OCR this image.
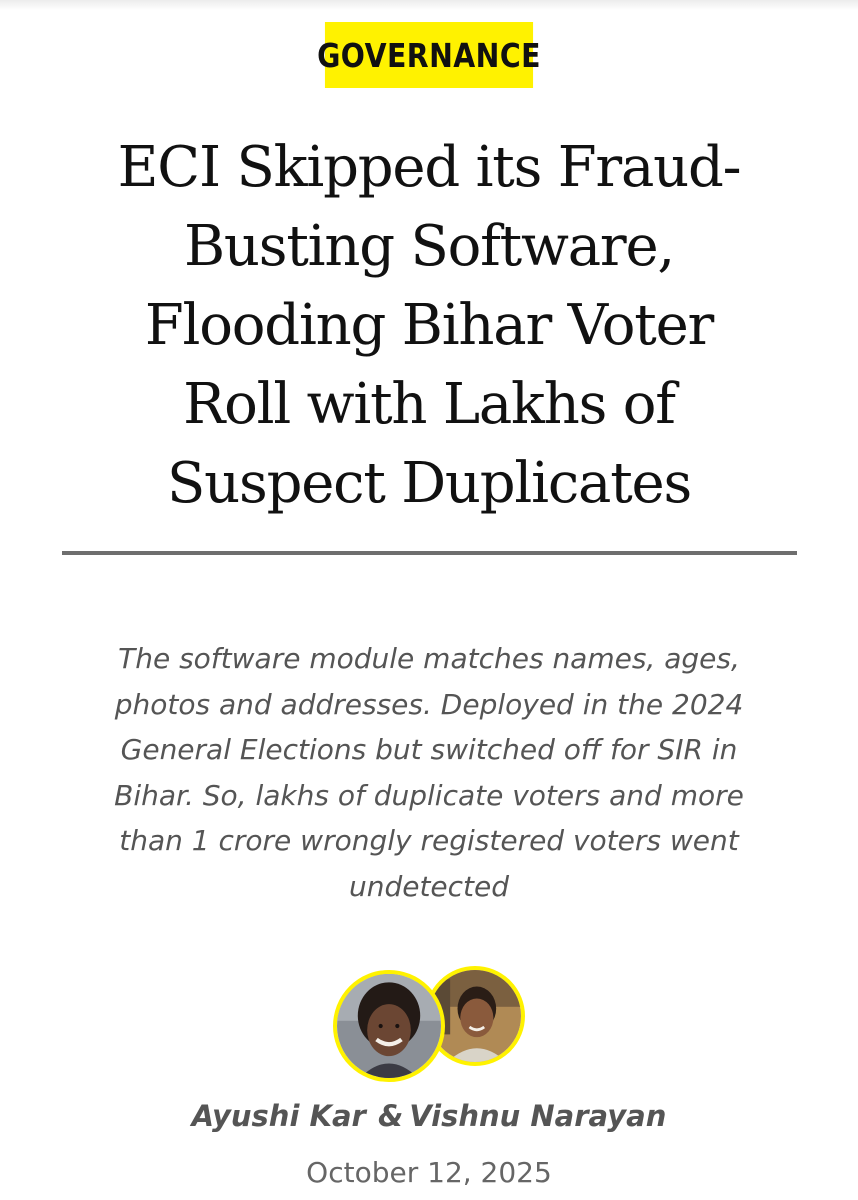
GOVERNANCE
ECI Skipped its Fraud-
Busting Software,
Flooding Bihar Voter
Roll with Lakhs of
Suspect Duplicates

The software module matches names, ages,
photos and addresses. Deployed in the 2024
General Elections but switched off for SIR in
Bihar. So, lakhs of duplicate voters and more
than 1 crore wrongly registered voters went
undetected

Ayushi Kar & Vishnu Narayan
October 12, 2025
